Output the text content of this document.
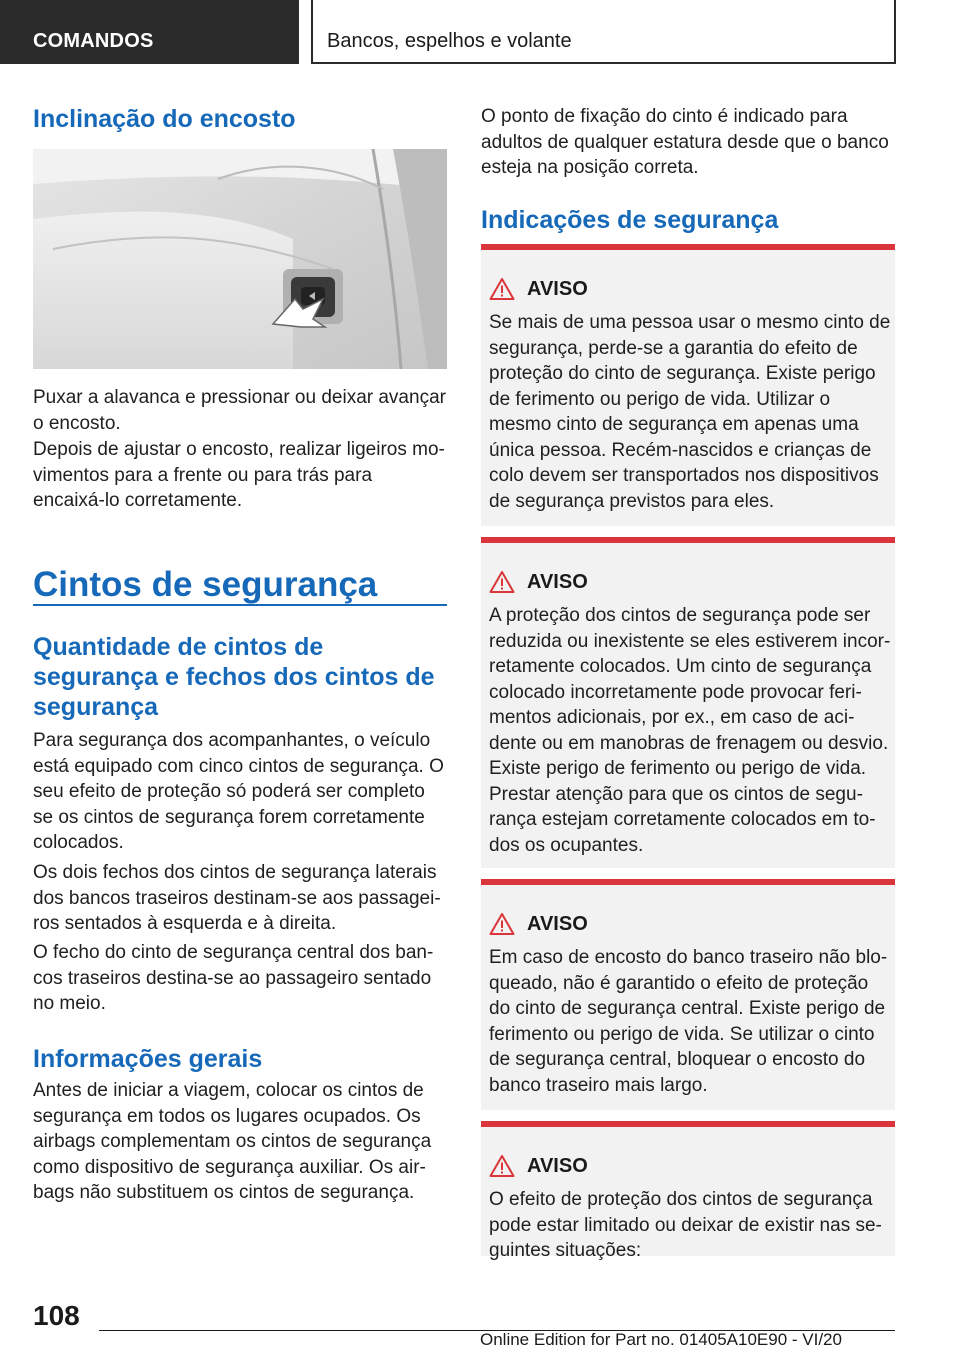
COMANDOS	Bancos, espelhos e volante
Inclinação do encosto
Puxar a alavanca e pressionar ou deixar avançar o encosto.
Depois de ajustar o encosto, realizar ligeiros movimentos para a frente ou para trás para encaixá-lo corretamente.
Cintos de segurança
Quantidade de cintos de segurança e fechos dos cintos de segurança
Para segurança dos acompanhantes, o veículo está equipado com cinco cintos de segurança. O seu efeito de proteção só poderá ser completo se os cintos de segurança forem corretamente colocados.
Os dois fechos dos cintos de segurança laterais dos bancos traseiros destinam-se aos passageiros sentados à esquerda e à direita.
O fecho do cinto de segurança central dos bancos traseiros destina-se ao passageiro sentado no meio.
Informações gerais
Antes de iniciar a viagem, colocar os cintos de segurança em todos os lugares ocupados. Os airbags complementam os cintos de segurança como dispositivo de segurança auxiliar. Os airbags não substituem os cintos de segurança.
O ponto de fixação do cinto é indicado para adultos de qualquer estatura desde que o banco esteja na posição correta.
Indicações de segurança
AVISO
Se mais de uma pessoa usar o mesmo cinto de segurança, perde-se a garantia do efeito de proteção do cinto de segurança. Existe perigo de ferimento ou perigo de vida. Utilizar o mesmo cinto de segurança em apenas uma única pessoa. Recém-nascidos e crianças de colo devem ser transportados nos dispositivos de segurança previstos para eles.
AVISO
A proteção dos cintos de segurança pode ser reduzida ou inexistente se eles estiverem incorretamente colocados. Um cinto de segurança colocado incorretamente pode provocar ferimentos adicionais, por ex., em caso de acidente ou em manobras de frenagem ou desvio. Existe perigo de ferimento ou perigo de vida. Prestar atenção para que os cintos de segurança estejam corretamente colocados em todos os ocupantes.
AVISO
Em caso de encosto do banco traseiro não bloqueado, não é garantido o efeito de proteção do cinto de segurança central. Existe perigo de ferimento ou perigo de vida. Se utilizar o cinto de segurança central, bloquear o encosto do banco traseiro mais largo.
AVISO
O efeito de proteção dos cintos de segurança pode estar limitado ou deixar de existir nas seguintes situações:
108
Online Edition for Part no. 01405A10E90 - VI/20
